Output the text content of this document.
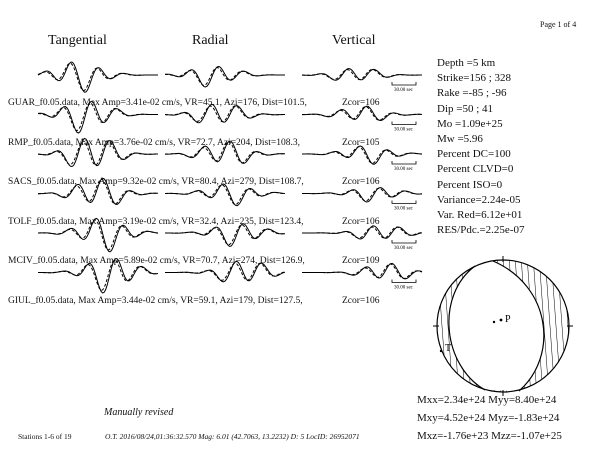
Page 1 of 4
Tangential	Radial	Vertical
30.00 sec
30.00 sec
30.00 sec
30.00 sec
30.00 sec
30.00 sec
GUAR_f0.05.data, Max Amp=3.41e-02 cm/s, VR=45.1, Azi=176, Dist=101.5,	Zcor=106
RMP_f0.05.data, Max Amp=3.76e-02 cm/s, VR=72.7, Azi=204, Dist=108.3,	Zcor=105
SACS_f0.05.data, Max Amp=9.32e-02 cm/s, VR=80.4, Azi=279, Dist=108.7,	Zcor=106
TOLF_f0.05.data, Max Amp=3.19e-02 cm/s, VR=32.4, Azi=235, Dist=123.4,	Zcor=106
MCIV_f0.05.data, Max Amp=5.89e-02 cm/s, VR=70.7, Azi=274, Dist=126.9,	Zcor=109
GIUL_f0.05.data, Max Amp=3.44e-02 cm/s, VR=59.1, Azi=179, Dist=127.5,	Zcor=106
Depth =5 km
Strike=156 ; 328
Rake =-85 ; -96
Dip =50 ; 41
Mo =1.09e+25
Mw =5.96
Percent DC=100
Percent CLVD=0
Percent ISO=0
Variance=2.24e-05
Var. Red=6.12e+01
RES/Pdc.=2.25e-07
P
T
Mxx=2.34e+24 Myy=8.40e+24
Mxy=4.52e+24 Myz=-1.83e+24
Mxz=-1.76e+23 Mzz=-1.07e+25
Manually revised
Stations 1-6 of 19	O.T. 2016/08/24,01:36:32.570 Mag: 6.01 (42.7063, 13.2232) D: 5 LocID: 26952071
